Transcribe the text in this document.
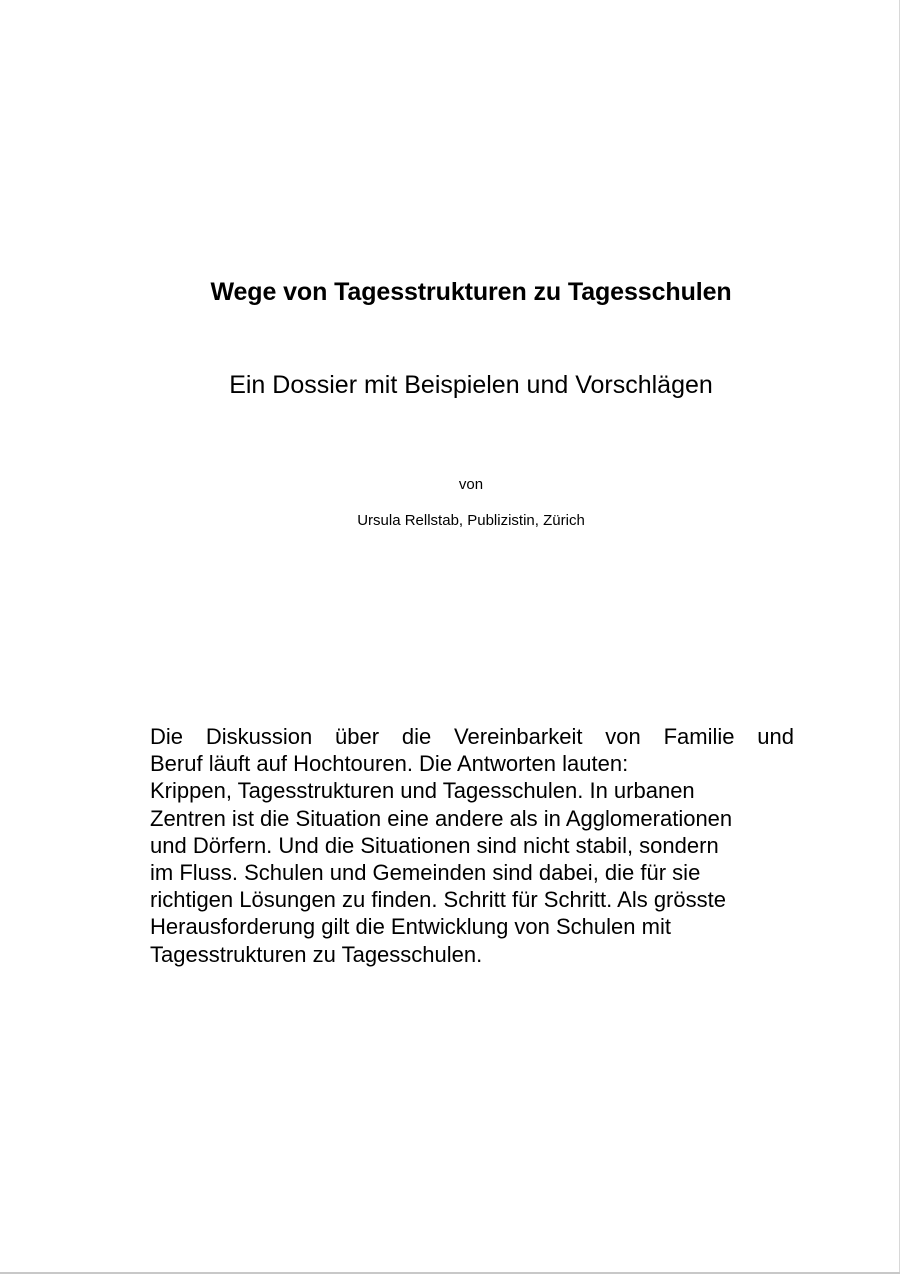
Wege von Tagesstrukturen zu Tagesschulen
Ein Dossier mit Beispielen und Vorschlägen
von
Ursula Rellstab, Publizistin, Zürich
Die Diskussion über die Vereinbarkeit von Familie und
Beruf läuft auf Hochtouren. Die Antworten lauten:
Krippen, Tagesstrukturen und Tagesschulen. In urbanen
Zentren ist die Situation eine andere als in Agglomerationen
und Dörfern. Und die Situationen sind nicht stabil, sondern
im Fluss. Schulen und Gemeinden sind dabei, die für sie
richtigen Lösungen zu finden. Schritt für Schritt. Als grösste
Herausforderung gilt die Entwicklung von Schulen mit
Tagesstrukturen zu Tagesschulen.
